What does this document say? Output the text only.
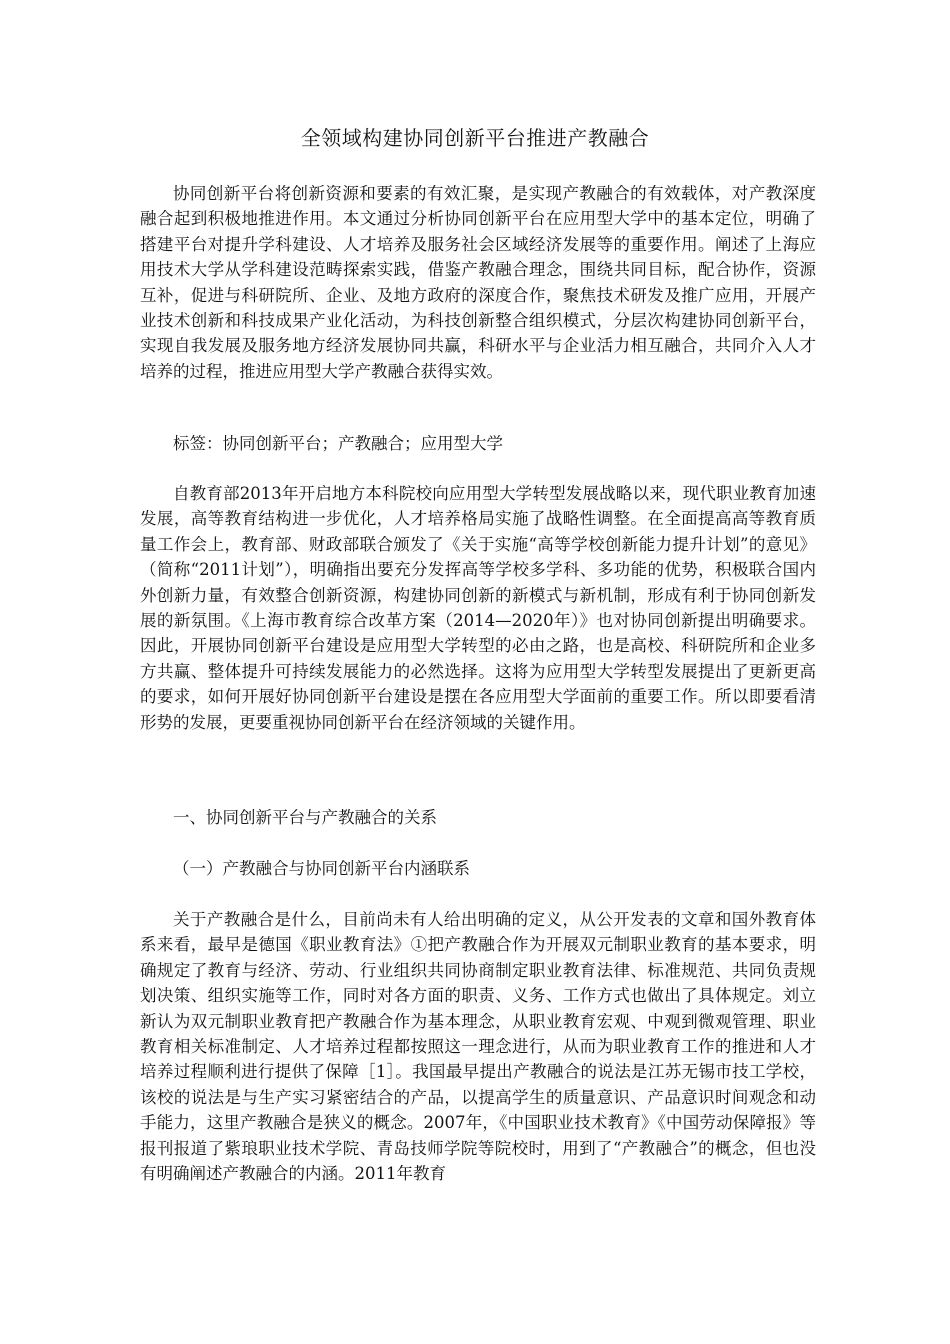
全领域构建协同创新平台推进产教融合

协同创新平台将创新资源和要素的有效汇聚，是实现产教融合的有效载体，对产教深度融合起到积极地推进作用。本文通过分析协同创新平台在应用型大学中的基本定位，明确了搭建平台对提升学科建设、人才培养及服务社会区域经济发展等的重要作用。阐述了上海应用技术大学从学科建设范畴探索实践，借鉴产教融合理念，围绕共同目标，配合协作，资源互补，促进与科研院所、企业、及地方政府的深度合作，聚焦技术研发及推广应用，开展产业技术创新和科技成果产业化活动，为科技创新整合组织模式，分层次构建协同创新平台，实现自我发展及服务地方经济发展协同共赢，科研水平与企业活力相互融合，共同介入人才培养的过程，推进应用型大学产教融合获得实效。

标签：协同创新平台；产教融合；应用型大学

自教育部2013年开启地方本科院校向应用型大学转型发展战略以来，现代职业教育加速发展，高等教育结构进一步优化，人才培养格局实施了战略性调整。在全面提高高等教育质量工作会上，教育部、财政部联合颁发了《关于实施“高等学校创新能力提升计划”的意见》（简称“2011计划”），明确指出要充分发挥高等学校多学科、多功能的优势，积极联合国内外创新力量，有效整合创新资源，构建协同创新的新模式与新机制，形成有利于协同创新发展的新氛围。《上海市教育综合改革方案（2014—2020年）》也对协同创新提出明确要求。因此，开展协同创新平台建设是应用型大学转型的必由之路，也是高校、科研院所和企业多方共赢、整体提升可持续发展能力的必然选择。这将为应用型大学转型发展提出了更新更高的要求，如何开展好协同创新平台建设是摆在各应用型大学面前的重要工作。所以即要看清形势的发展，更要重视协同创新平台在经济领域的关键作用。

一、协同创新平台与产教融合的关系

（一）产教融合与协同创新平台内涵联系

关于产教融合是什么，目前尚未有人给出明确的定义，从公开发表的文章和国外教育体系来看，最早是德国《职业教育法》①把产教融合作为开展双元制职业教育的基本要求，明确规定了教育与经济、劳动、行业组织共同协商制定职业教育法律、标准规范、共同负责规划决策、组织实施等工作，同时对各方面的职责、义务、工作方式也做出了具体规定。刘立新认为双元制职业教育把产教融合作为基本理念，从职业教育宏观、中观到微观管理、职业教育相关标准制定、人才培养过程都按照这一理念进行，从而为职业教育工作的推进和人才培养过程顺利进行提供了保障［1］。我国最早提出产教融合的说法是江苏无锡市技工学校，该校的说法是与生产实习紧密结合的产品，以提高学生的质量意识、产品意识时间观念和动手能力，这里产教融合是狭义的概念。2007年，《中国职业技术教育》《中国劳动保障报》等报刊报道了紫琅职业技术学院、青岛技师学院等院校时，用到了“产教融合”的概念，但也没有明确阐述产教融合的内涵。2011年教育
